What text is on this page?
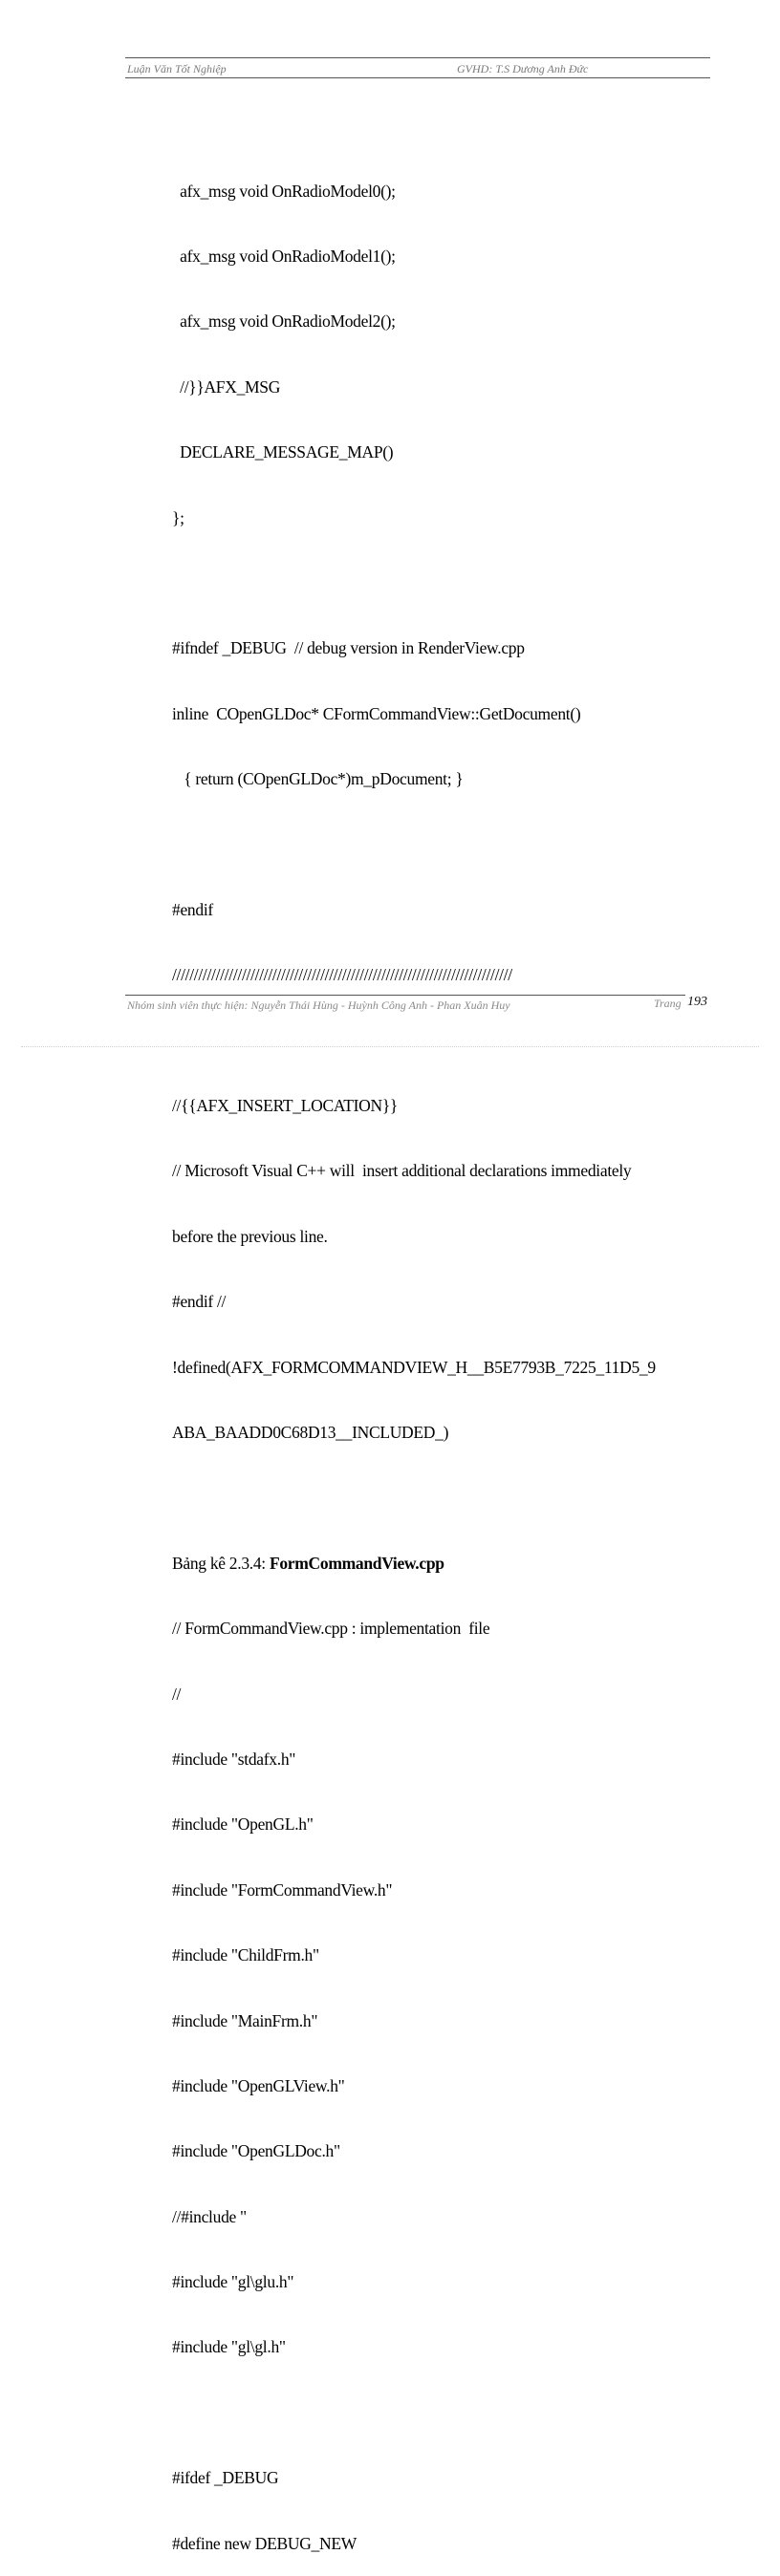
Luận Văn Tốt Nghiệp	GVHD: T.S Dương Anh Đức

afx_msg void OnRadioModel0();

afx_msg void OnRadioModel1();

afx_msg void OnRadioModel2();

//}}AFX_MSG

DECLARE_MESSAGE_MAP()

};

#ifndef _DEBUG  // debug version in RenderView.cpp

inline  COpenGLDoc* CFormCommandView::GetDocument()

{ return (COpenGLDoc*)m_pDocument; }

#endif

//////////////////////////////////////////////////////////////////////////////

//{{AFX_INSERT_LOCATION}}

// Microsoft Visual C++ will  insert additional declarations immediately

before the previous line.

#endif //

!defined(AFX_FORMCOMMANDVIEW_H__B5E7793B_7225_11D5_9

ABA_BAADD0C68D13__INCLUDED_)

Bảng kê 2.3.4: FormCommandView.cpp

// FormCommandView.cpp : implementation  file

//

#include "stdafx.h"

#include "OpenGL.h"

#include "FormCommandView.h"

#include "ChildFrm.h"

#include "MainFrm.h"

#include "OpenGLView.h"

#include "OpenGLDoc.h"

//#include "

#include "gl\glu.h"

#include "gl\gl.h"

#ifdef _DEBUG

#define new DEBUG_NEW

Nhóm sinh viên thực hiện: Nguyễn Thái Hùng - Huỳnh Công Anh - Phan Xuân Huy	Trang 193
